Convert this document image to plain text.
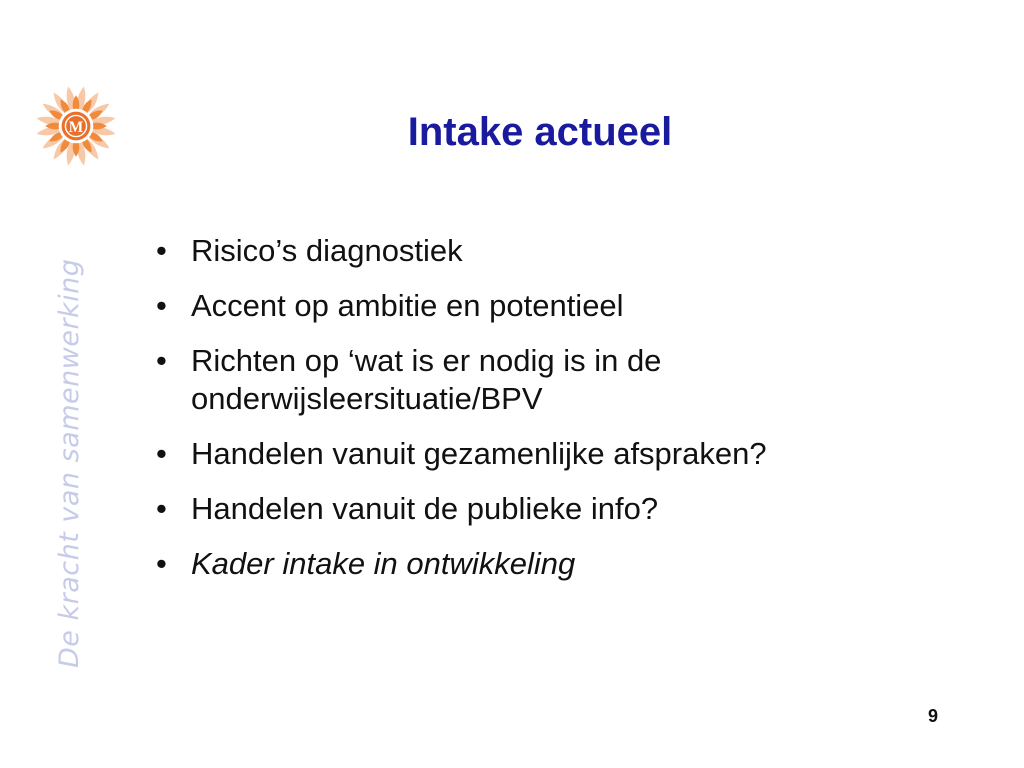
M
De kracht van samenwerking
Intake actueel
• Risico’s diagnostiek
• Accent op ambitie en potentieel
• Richten op ‘wat is er nodig is in de onderwijsleersituatie/BPV
• Handelen vanuit gezamenlijke afspraken?
• Handelen vanuit de publieke info?
• Kader intake in ontwikkeling
9
